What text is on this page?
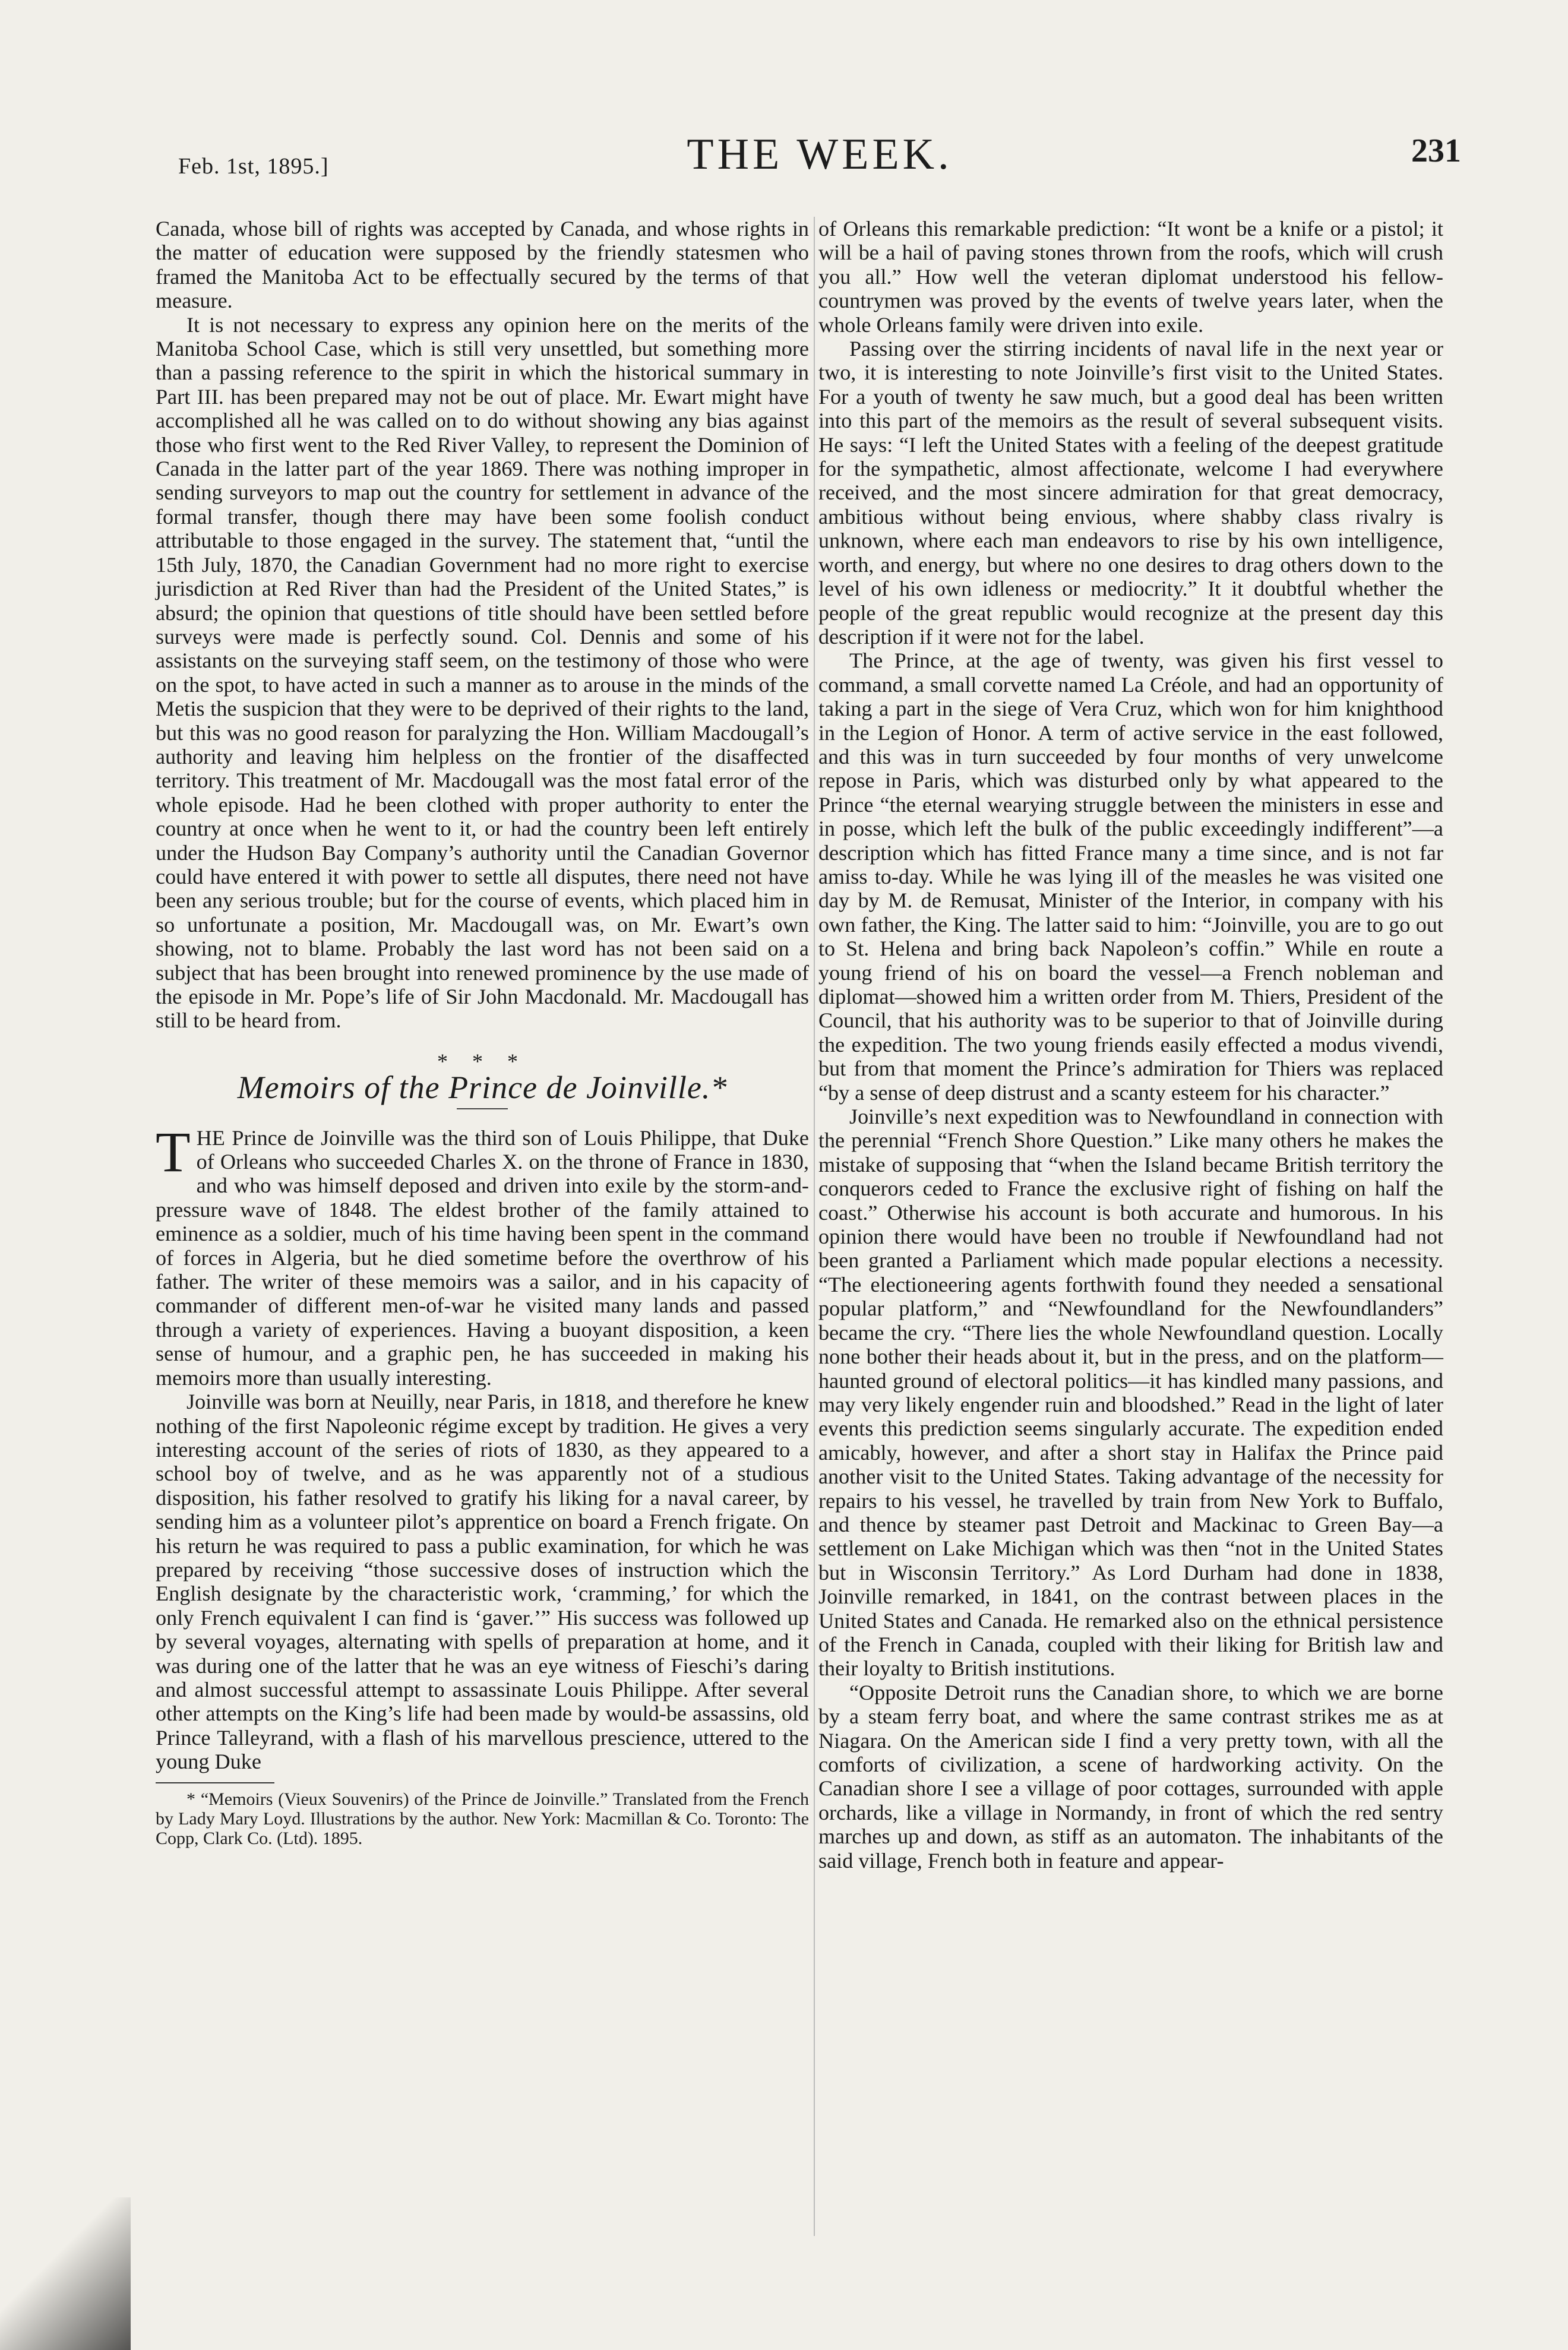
Feb. 1st, 1895.]	THE WEEK.	231

Canada, whose bill of rights was accepted by Canada, and whose rights in the matter of education were supposed by the friendly statesmen who framed the Manitoba Act to be effectually secured by the terms of that measure.

It is not necessary to express any opinion here on the merits of the Manitoba School Case, which is still very unsettled, but something more than a passing reference to the spirit in which the historical summary in Part III. has been prepared may not be out of place. Mr. Ewart might have accomplished all he was called on to do without showing any bias against those who first went to the Red River Valley, to represent the Dominion of Canada in the latter part of the year 1869. There was nothing improper in sending surveyors to map out the country for settlement in advance of the formal transfer, though there may have been some foolish conduct attributable to those engaged in the survey. The statement that, “until the 15th July, 1870, the Canadian Government had no more right to exercise jurisdiction at Red River than had the President of the United States,” is absurd; the opinion that questions of title should have been settled before surveys were made is perfectly sound. Col. Dennis and some of his assistants on the surveying staff seem, on the testimony of those who were on the spot, to have acted in such a manner as to arouse in the minds of the Metis the suspicion that they were to be deprived of their rights to the land, but this was no good reason for paralyzing the Hon. William Macdougall’s authority and leaving him helpless on the frontier of the disaffected territory. This treatment of Mr. Macdougall was the most fatal error of the whole episode. Had he been clothed with proper authority to enter the country at once when he went to it, or had the country been left entirely under the Hudson Bay Company’s authority until the Canadian Governor could have entered it with power to settle all disputes, there need not have been any serious trouble; but for the course of events, which placed him in so unfortunate a position, Mr. Macdougall was, on Mr. Ewart’s own showing, not to blame. Probably the last word has not been said on a subject that has been brought into renewed prominence by the use made of the episode in Mr. Pope’s life of Sir John Macdonald. Mr. Macdougall has still to be heard from.

* * *
Memoirs of the Prince de Joinville.*

THE Prince de Joinville was the third son of Louis Philippe, that Duke of Orleans who succeeded Charles X. on the throne of France in 1830, and who was himself deposed and driven into exile by the storm-and-pressure wave of 1848. The eldest brother of the family attained to eminence as a soldier, much of his time having been spent in the command of forces in Algeria, but he died sometime before the overthrow of his father. The writer of these memoirs was a sailor, and in his capacity of commander of different men-of-war he visited many lands and passed through a variety of experiences. Having a buoyant disposition, a keen sense of humour, and a graphic pen, he has succeeded in making his memoirs more than usually interesting.

Joinville was born at Neuilly, near Paris, in 1818, and therefore he knew nothing of the first Napoleonic régime except by tradition. He gives a very interesting account of the series of riots of 1830, as they appeared to a school boy of twelve, and as he was apparently not of a studious disposition, his father resolved to gratify his liking for a naval career, by sending him as a volunteer pilot’s apprentice on board a French frigate. On his return he was required to pass a public examination, for which he was prepared by receiving “those successive doses of instruction which the English designate by the characteristic work, ‘cramming,’ for which the only French equivalent I can find is ‘gaver.’” His success was followed up by several voyages, alternating with spells of preparation at home, and it was during one of the latter that he was an eye witness of Fieschi’s daring and almost successful attempt to assassinate Louis Philippe. After several other attempts on the King’s life had been made by would-be assassins, old Prince Talleyrand, with a flash of his marvellous prescience, uttered to the young Duke

* “Memoirs (Vieux Souvenirs) of the Prince de Joinville.” Translated from the French by Lady Mary Loyd. Illustrations by the author. New York: Macmillan & Co. Toronto: The Copp, Clark Co. (Ltd). 1895.

of Orleans this remarkable prediction: “It wont be a knife or a pistol; it will be a hail of paving stones thrown from the roofs, which will crush you all.” How well the veteran diplomat understood his fellow-countrymen was proved by the events of twelve years later, when the whole Orleans family were driven into exile.

Passing over the stirring incidents of naval life in the next year or two, it is interesting to note Joinville’s first visit to the United States. For a youth of twenty he saw much, but a good deal has been written into this part of the memoirs as the result of several subsequent visits. He says: “I left the United States with a feeling of the deepest gratitude for the sympathetic, almost affectionate, welcome I had everywhere received, and the most sincere admiration for that great democracy, ambitious without being envious, where shabby class rivalry is unknown, where each man endeavors to rise by his own intelligence, worth, and energy, but where no one desires to drag others down to the level of his own idleness or mediocrity.” It it doubtful whether the people of the great republic would recognize at the present day this description if it were not for the label.

The Prince, at the age of twenty, was given his first vessel to command, a small corvette named La Créole, and had an opportunity of taking a part in the siege of Vera Cruz, which won for him knighthood in the Legion of Honor. A term of active service in the east followed, and this was in turn succeeded by four months of very unwelcome repose in Paris, which was disturbed only by what appeared to the Prince “the eternal wearying struggle between the ministers in esse and in posse, which left the bulk of the public exceedingly indifferent”—a description which has fitted France many a time since, and is not far amiss to-day. While he was lying ill of the measles he was visited one day by M. de Remusat, Minister of the Interior, in company with his own father, the King. The latter said to him: “Joinville, you are to go out to St. Helena and bring back Napoleon’s coffin.” While en route a young friend of his on board the vessel—a French nobleman and diplomat—showed him a written order from M. Thiers, President of the Council, that his authority was to be superior to that of Joinville during the expedition. The two young friends easily effected a modus vivendi, but from that moment the Prince’s admiration for Thiers was replaced “by a sense of deep distrust and a scanty esteem for his character.”

Joinville’s next expedition was to Newfoundland in connection with the perennial “French Shore Question.” Like many others he makes the mistake of supposing that “when the Island became British territory the conquerors ceded to France the exclusive right of fishing on half the coast.” Otherwise his account is both accurate and humorous. In his opinion there would have been no trouble if Newfoundland had not been granted a Parliament which made popular elections a necessity. “The electioneering agents forthwith found they needed a sensational popular platform,” and “Newfoundland for the Newfoundlanders” became the cry. “There lies the whole Newfoundland question. Locally none bother their heads about it, but in the press, and on the platform—haunted ground of electoral politics—it has kindled many passions, and may very likely engender ruin and bloodshed.” Read in the light of later events this prediction seems singularly accurate. The expedition ended amicably, however, and after a short stay in Halifax the Prince paid another visit to the United States. Taking advantage of the necessity for repairs to his vessel, he travelled by train from New York to Buffalo, and thence by steamer past Detroit and Mackinac to Green Bay—a settlement on Lake Michigan which was then “not in the United States but in Wisconsin Territory.” As Lord Durham had done in 1838, Joinville remarked, in 1841, on the contrast between places in the United States and Canada. He remarked also on the ethnical persistence of the French in Canada, coupled with their liking for British law and their loyalty to British institutions.

“Opposite Detroit runs the Canadian shore, to which we are borne by a steam ferry boat, and where the same contrast strikes me as at Niagara. On the American side I find a very pretty town, with all the comforts of civilization, a scene of hardworking activity. On the Canadian shore I see a village of poor cottages, surrounded with apple orchards, like a village in Normandy, in front of which the red sentry marches up and down, as stiff as an automaton. The inhabitants of the said village, French both in feature and appear-
